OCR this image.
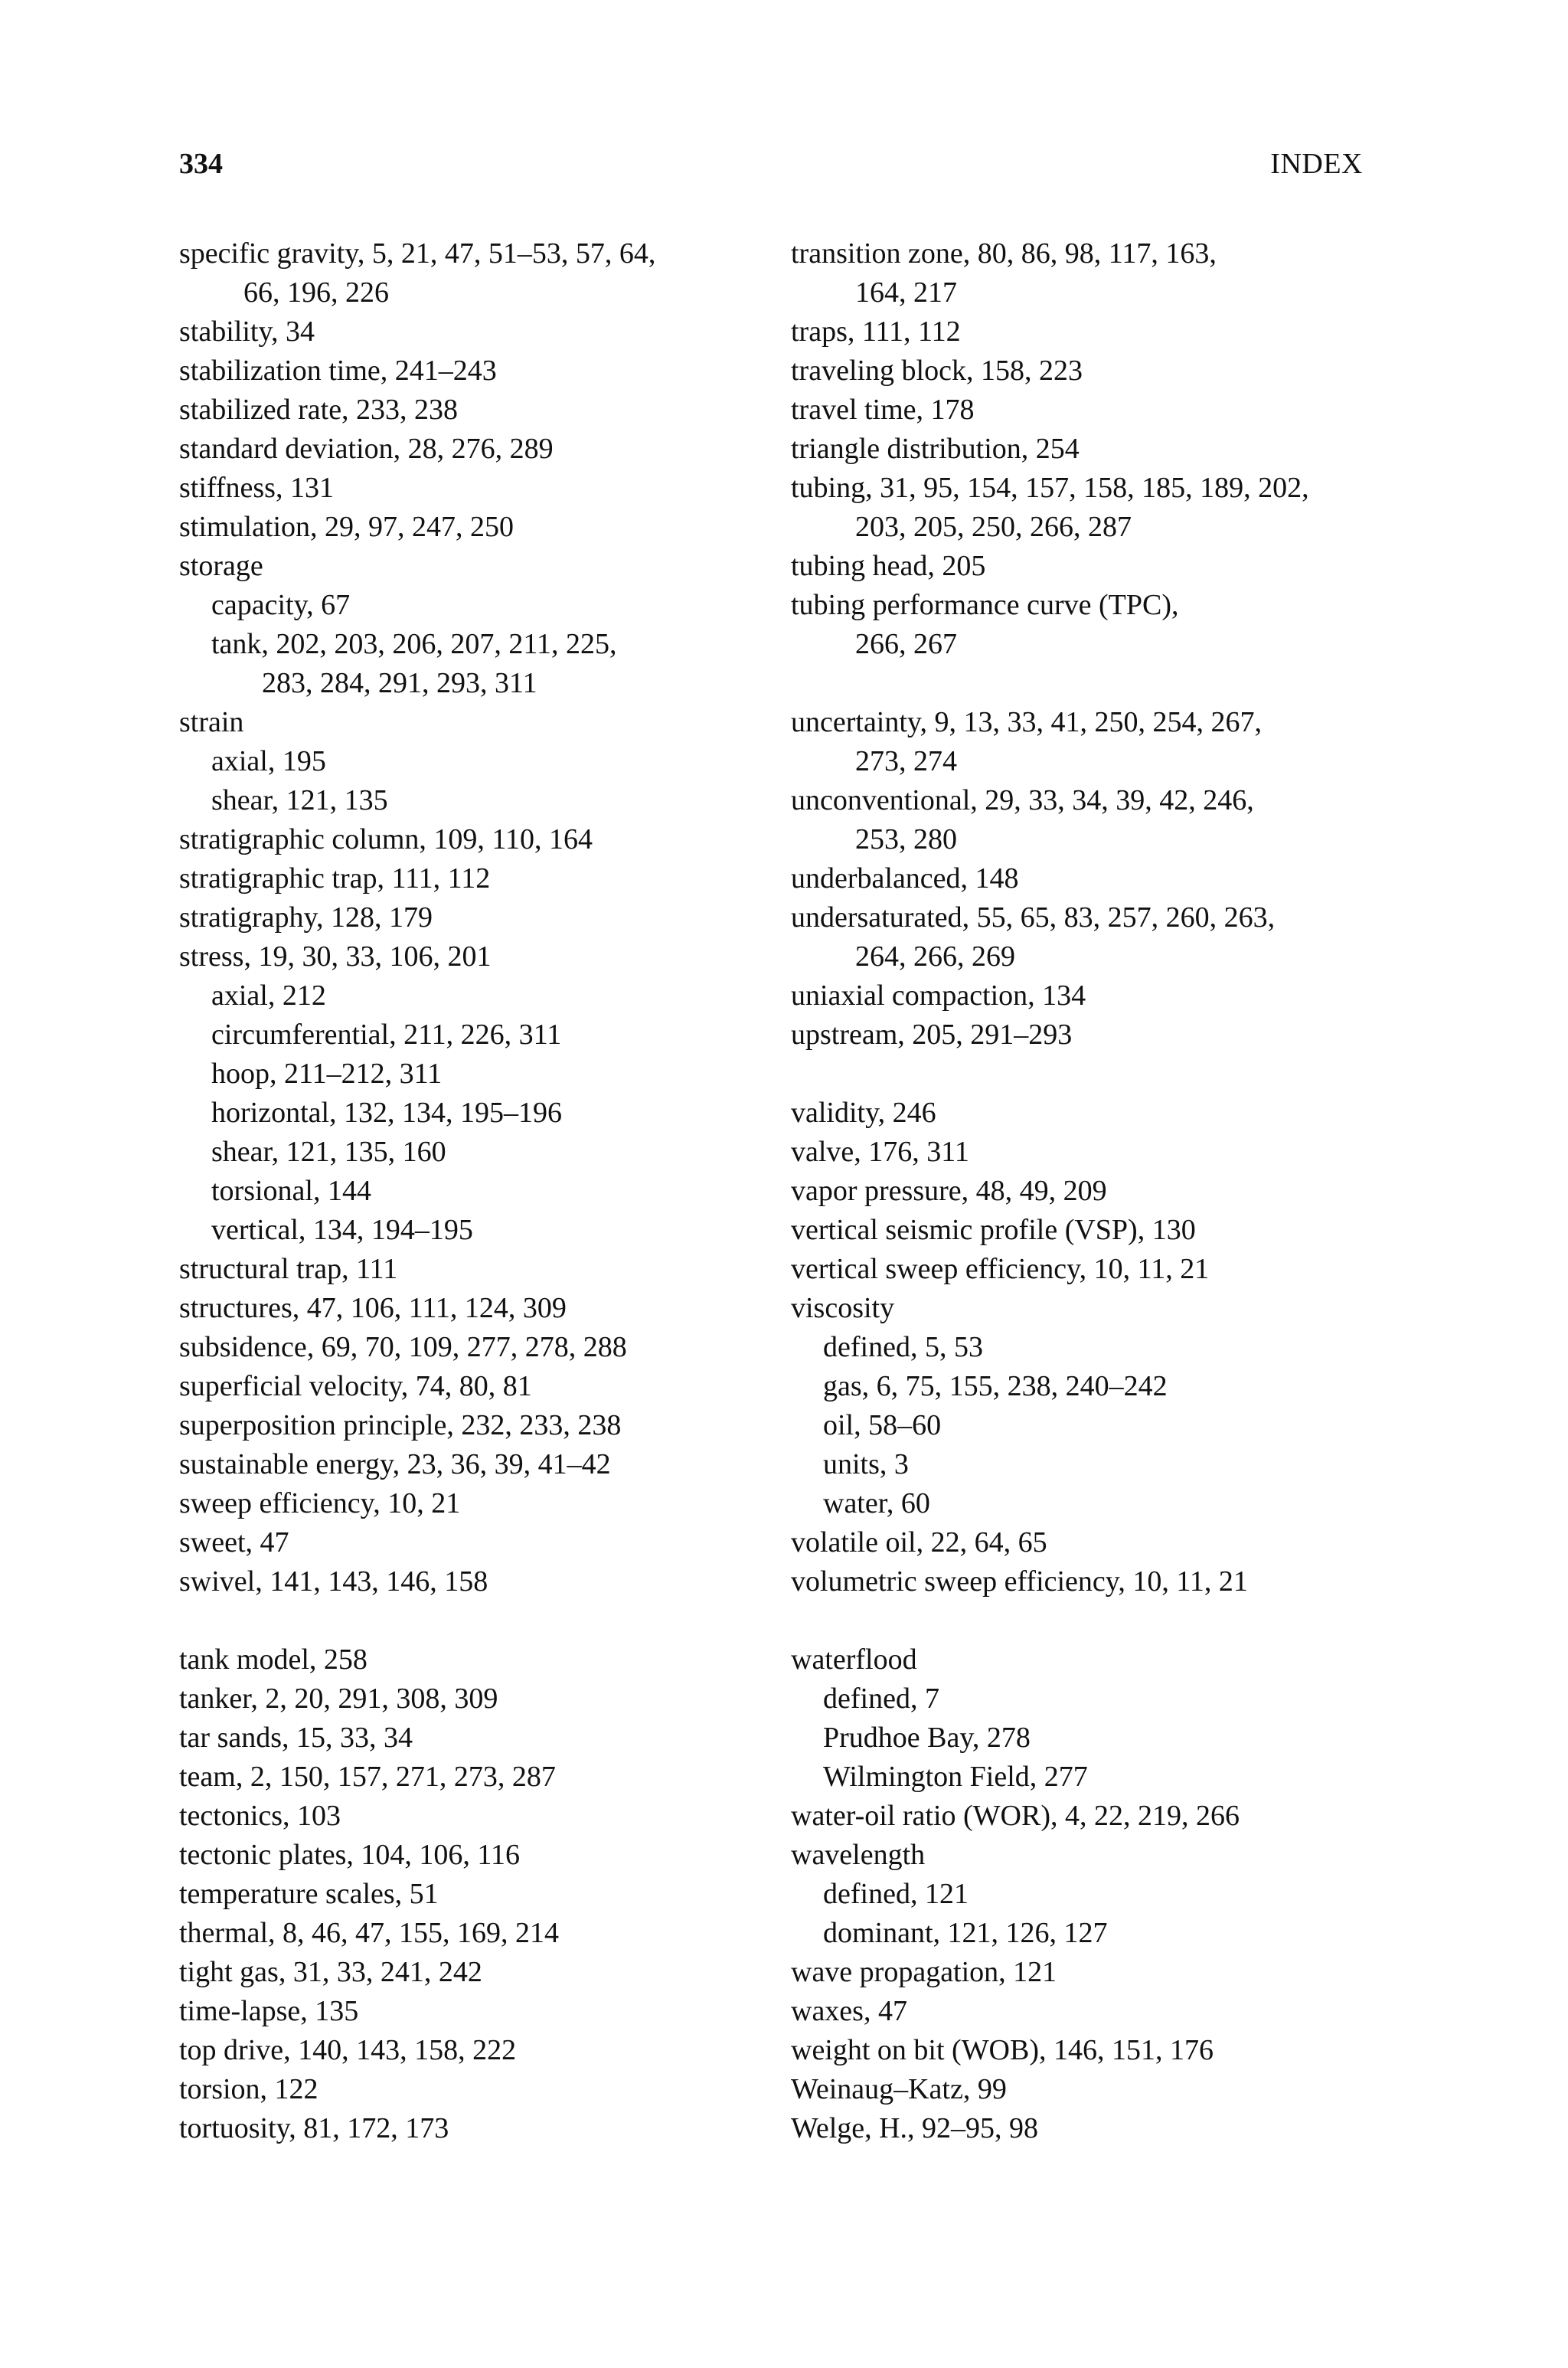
334	INDEX
specific gravity, 5, 21, 47, 51–53, 57, 64,
66, 196, 226
stability, 34
stabilization time, 241–243
stabilized rate, 233, 238
standard deviation, 28, 276, 289
stiffness, 131
stimulation, 29, 97, 247, 250
storage
capacity, 67
tank, 202, 203, 206, 207, 211, 225,
283, 284, 291, 293, 311
strain
axial, 195
shear, 121, 135
stratigraphic column, 109, 110, 164
stratigraphic trap, 111, 112
stratigraphy, 128, 179
stress, 19, 30, 33, 106, 201
axial, 212
circumferential, 211, 226, 311
hoop, 211–212, 311
horizontal, 132, 134, 195–196
shear, 121, 135, 160
torsional, 144
vertical, 134, 194–195
structural trap, 111
structures, 47, 106, 111, 124, 309
subsidence, 69, 70, 109, 277, 278, 288
superficial velocity, 74, 80, 81
superposition principle, 232, 233, 238
sustainable energy, 23, 36, 39, 41–42
sweep efficiency, 10, 21
sweet, 47
swivel, 141, 143, 146, 158
tank model, 258
tanker, 2, 20, 291, 308, 309
tar sands, 15, 33, 34
team, 2, 150, 157, 271, 273, 287
tectonics, 103
tectonic plates, 104, 106, 116
temperature scales, 51
thermal, 8, 46, 47, 155, 169, 214
tight gas, 31, 33, 241, 242
time-lapse, 135
top drive, 140, 143, 158, 222
torsion, 122
tortuosity, 81, 172, 173
transition zone, 80, 86, 98, 117, 163,
164, 217
traps, 111, 112
traveling block, 158, 223
travel time, 178
triangle distribution, 254
tubing, 31, 95, 154, 157, 158, 185, 189, 202,
203, 205, 250, 266, 287
tubing head, 205
tubing performance curve (TPC),
266, 267
uncertainty, 9, 13, 33, 41, 250, 254, 267,
273, 274
unconventional, 29, 33, 34, 39, 42, 246,
253, 280
underbalanced, 148
undersaturated, 55, 65, 83, 257, 260, 263,
264, 266, 269
uniaxial compaction, 134
upstream, 205, 291–293
validity, 246
valve, 176, 311
vapor pressure, 48, 49, 209
vertical seismic profile (VSP), 130
vertical sweep efficiency, 10, 11, 21
viscosity
defined, 5, 53
gas, 6, 75, 155, 238, 240–242
oil, 58–60
units, 3
water, 60
volatile oil, 22, 64, 65
volumetric sweep efficiency, 10, 11, 21
waterflood
defined, 7
Prudhoe Bay, 278
Wilmington Field, 277
water-oil ratio (WOR), 4, 22, 219, 266
wavelength
defined, 121
dominant, 121, 126, 127
wave propagation, 121
waxes, 47
weight on bit (WOB), 146, 151, 176
Weinaug–Katz, 99
Welge, H., 92–95, 98
